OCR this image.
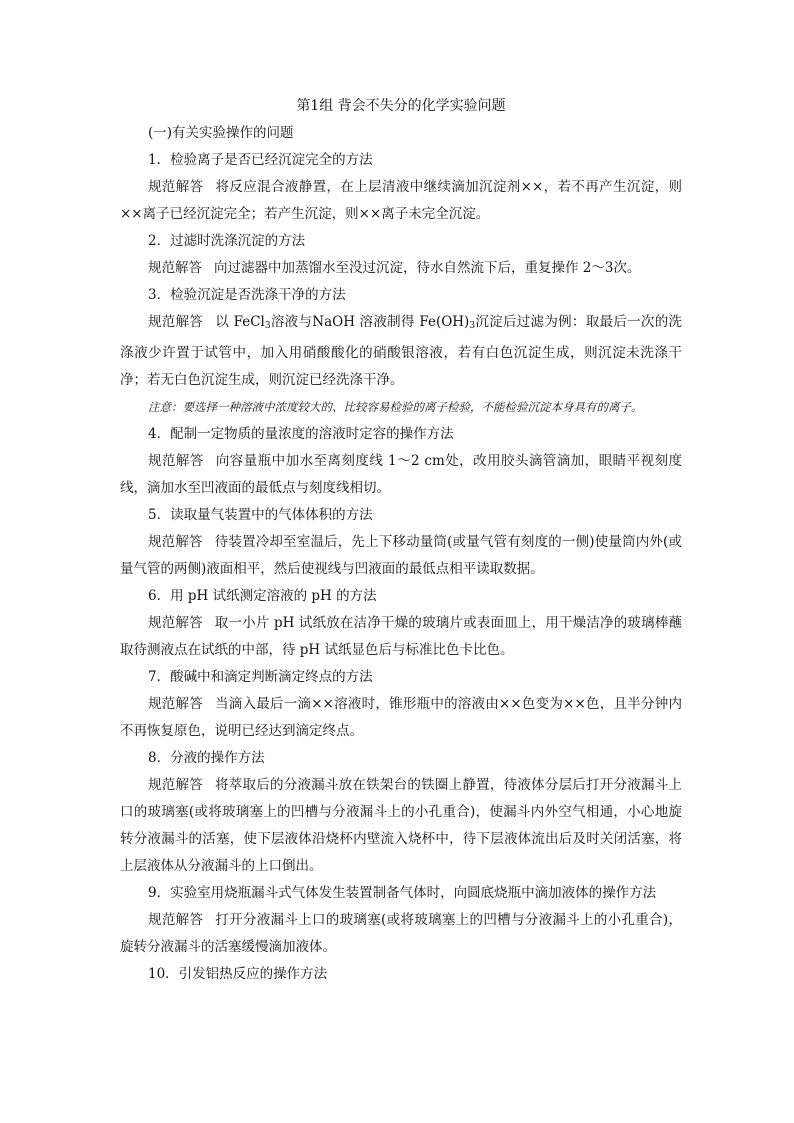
第1组 背会不失分的化学实验问题

(一)有关实验操作的问题

1．检验离子是否已经沉淀完全的方法

规范解答 将反应混合液静置，在上层清液中继续滴加沉淀剂××，若不再产生沉淀，则××离子已经沉淀完全；若产生沉淀，则××离子未完全沉淀。

2．过滤时洗涤沉淀的方法

规范解答 向过滤器中加蒸馏水至没过沉淀，待水自然流下后，重复操作 2～3次。

3．检验沉淀是否洗涤干净的方法

规范解答 以 FeCl$_3$溶液与NaOH 溶液制得 $Fe(OH)_3$沉淀后过滤为例：取最后一次的洗涤液少许置于试管中，加入用硝酸酸化的硝酸银溶液，若有白色沉淀生成，则沉淀未洗涤干净；若无白色沉淀生成，则沉淀已经洗涤干净。

注意：要选择一种溶液中浓度较大的、比较容易检验的离子检验，不能检验沉淀本身具有的离子。

4．配制一定物质的量浓度的溶液时定容的操作方法

规范解答 向容量瓶中加水至离刻度线 1～2 cm处，改用胶头滴管滴加，眼睛平视刻度线，滴加水至凹液面的最低点与刻度线相切。

5．读取量气装置中的气体体积的方法

规范解答 待装置冷却至室温后，先上下移动量筒(或量气管有刻度的一侧)使量筒内外(或量气管的两侧)液面相平，然后使视线与凹液面的最低点相平读取数据。

6．用 pH 试纸测定溶液的 pH 的方法

规范解答 取一小片 pH 试纸放在洁净干燥的玻璃片或表面皿上，用干燥洁净的玻璃棒蘸取待测液点在试纸的中部，待 pH 试纸显色后与标准比色卡比色。

7．酸碱中和滴定判断滴定终点的方法

规范解答 当滴入最后一滴××溶液时，锥形瓶中的溶液由××色变为××色，且半分钟内不再恢复原色，说明已经达到滴定终点。

8．分液的操作方法

规范解答 将萃取后的分液漏斗放在铁架台的铁圈上静置，待液体分层后打开分液漏斗上口的玻璃塞(或将玻璃塞上的凹槽与分液漏斗上的小孔重合)，使漏斗内外空气相通，小心地旋转分液漏斗的活塞，使下层液体沿烧杯内壁流入烧杯中，待下层液体流出后及时关闭活塞，将上层液体从分液漏斗的上口倒出。

9．实验室用烧瓶漏斗式气体发生装置制备气体时，向圆底烧瓶中滴加液体的操作方法

规范解答 打开分液漏斗上口的玻璃塞(或将玻璃塞上的凹槽与分液漏斗上的小孔重合)，旋转分液漏斗的活塞缓慢滴加液体。

10．引发铝热反应的操作方法
